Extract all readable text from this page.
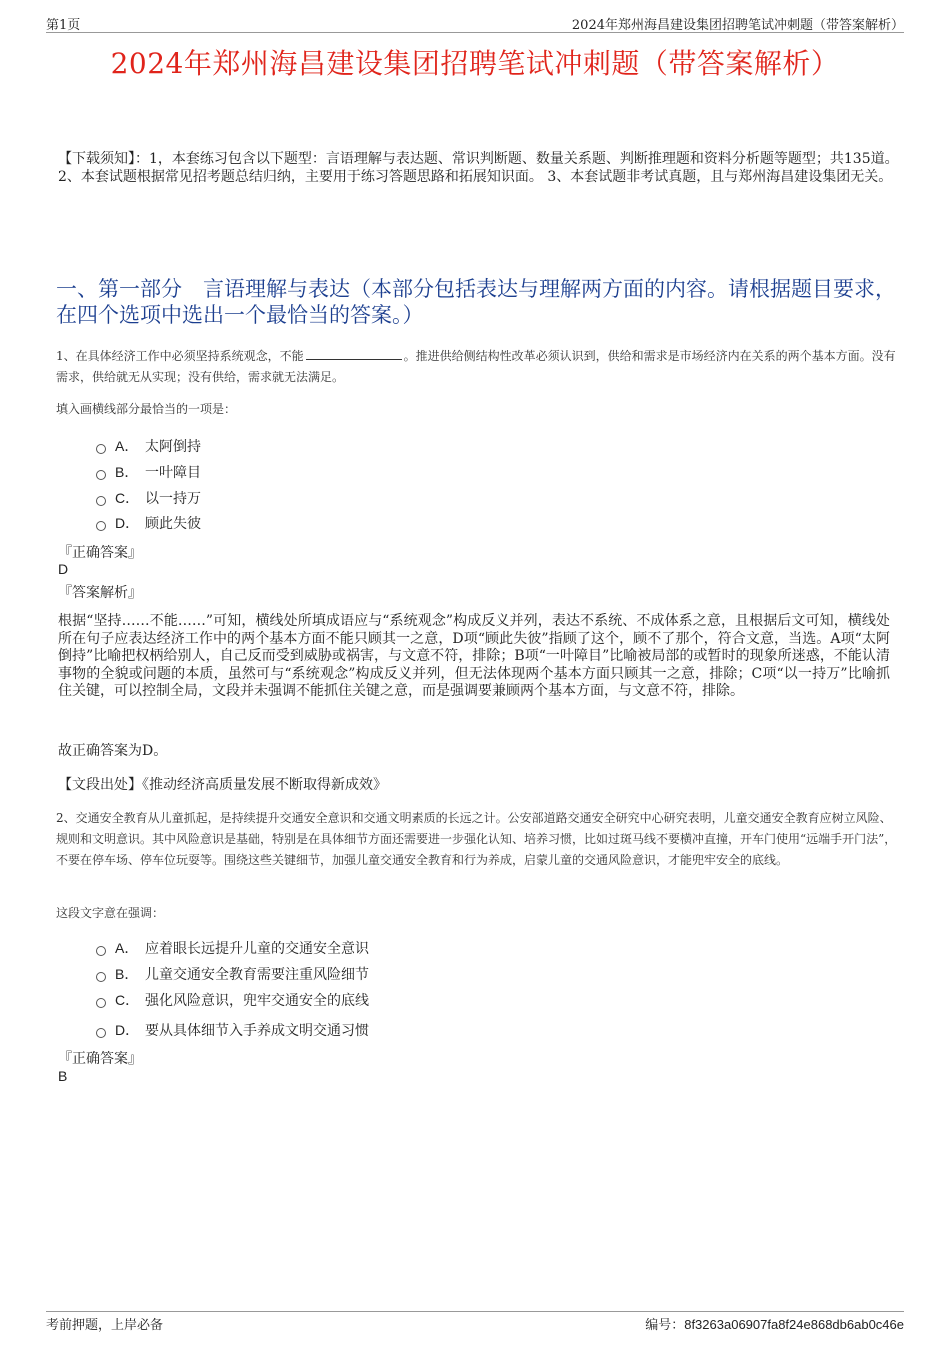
第1页	2024年郑州海昌建设集团招聘笔试冲刺题（带答案解析）
2024年郑州海昌建设集团招聘笔试冲刺题（带答案解析）
【下载须知】：1，本套练习包含以下题型：言语理解与表达题、常识判断题、数量关系题、判断推理题和资料分析题等题型；共135道。 2、本套试题根据常见招考题总结归纳，主要用于练习答题思路和拓展知识面。 3、本套试题非考试真题，且与郑州海昌建设集团无关。
一、第一部分　言语理解与表达（本部分包括表达与理解两方面的内容。请根据题目要求，在四个选项中选出一个最恰当的答案。）
1、在具体经济工作中必须坚持系统观念，不能	。推进供给侧结构性改革必须认识到，供给和需求是市场经济内在关系的两个基本方面。没有需求，供给就无从实现；没有供给，需求就无法满足。
填入画横线部分最恰当的一项是：
A． 太阿倒持
B． 一叶障目
C． 以一持万
D． 顾此失彼
『正确答案』
D
『答案解析』
根据“坚持……不能……”可知，横线处所填成语应与“系统观念”构成反义并列，表达不系统、不成体系之意，且根据后文可知，横线处所在句子应表达经济工作中的两个基本方面不能只顾其一之意，D项“顾此失彼”指顾了这个，顾不了那个，符合文意，当选。A项“太阿倒持”比喻把权柄给别人，自己反而受到威胁或祸害，与文意不符，排除；B项“一叶障目”比喻被局部的或暂时的现象所迷惑，不能认清事物的全貌或问题的本质，虽然可与“系统观念”构成反义并列，但无法体现两个基本方面只顾其一之意，排除；C项“以一持万”比喻抓住关键，可以控制全局，文段并未强调不能抓住关键之意，而是强调要兼顾两个基本方面，与文意不符，排除。
故正确答案为D。
【文段出处】《推动经济高质量发展不断取得新成效》
2、交通安全教育从儿童抓起，是持续提升交通安全意识和交通文明素质的长远之计。公安部道路交通安全研究中心研究表明，儿童交通安全教育应树立风险、规则和文明意识。其中风险意识是基础，特别是在具体细节方面还需要进一步强化认知、培养习惯，比如过斑马线不要横冲直撞，开车门使用“远端手开门法”，不要在停车场、停车位玩耍等。围绕这些关键细节，加强儿童交通安全教育和行为养成，启蒙儿童的交通风险意识，才能兜牢安全的底线。
这段文字意在强调：
A． 应着眼长远提升儿童的交通安全意识
B． 儿童交通安全教育需要注重风险细节
C． 强化风险意识，兜牢交通安全的底线
D． 要从具体细节入手养成文明交通习惯
『正确答案』
B
考前押题，上岸必备	编号：8f3263a06907fa8f24e868db6ab0c46e
